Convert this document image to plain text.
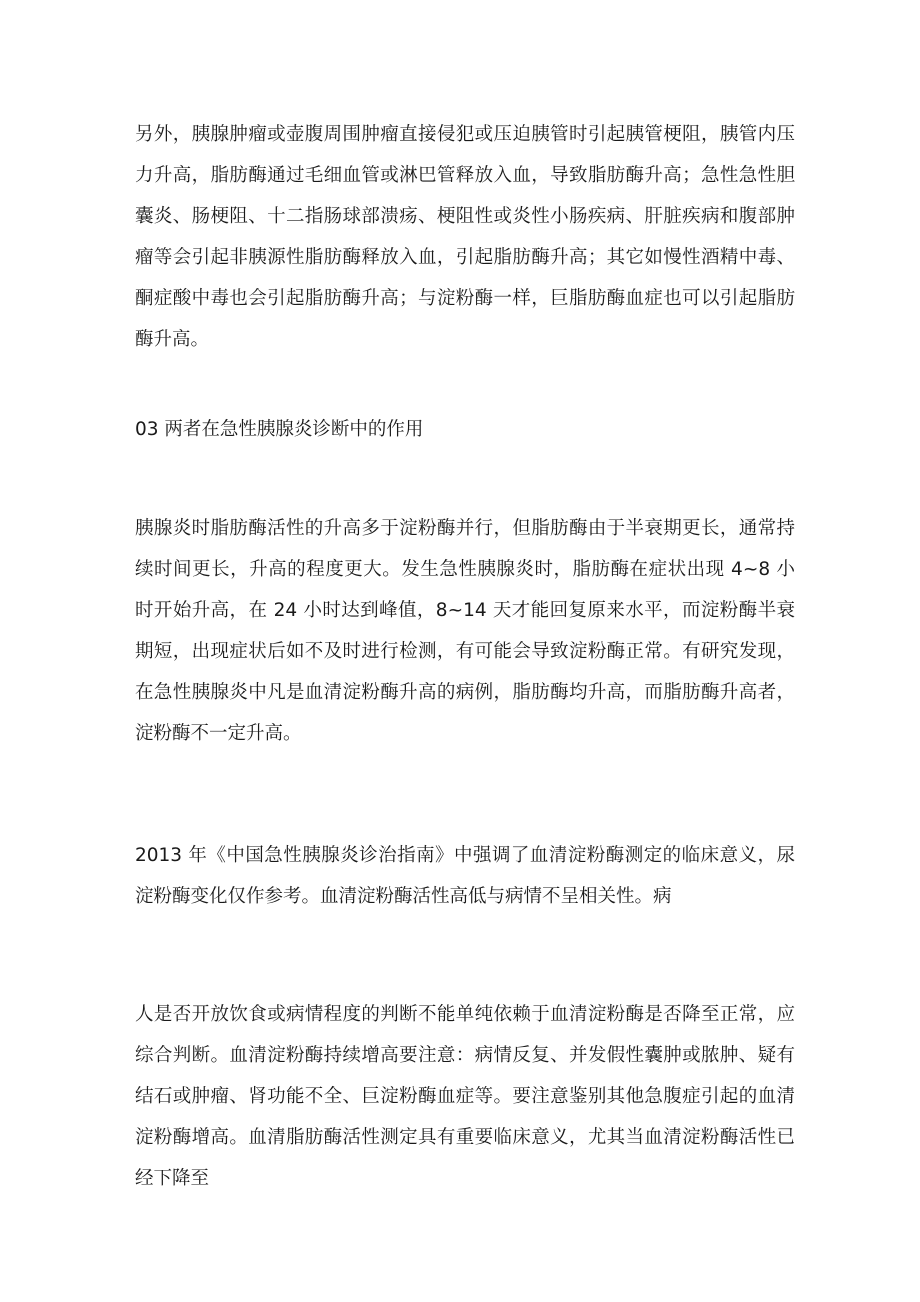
另外，胰腺肿瘤或壶腹周围肿瘤直接侵犯或压迫胰管时引起胰管梗阻，胰管内压力升高，脂肪酶通过毛细血管或淋巴管释放入血，导致脂肪酶升高；急性急性胆囊炎、肠梗阻、十二指肠球部溃疡、梗阻性或炎性小肠疾病、肝脏疾病和腹部肿瘤等会引起非胰源性脂肪酶释放入血，引起脂肪酶升高；其它如慢性酒精中毒、酮症酸中毒也会引起脂肪酶升高；与淀粉酶一样，巨脂肪酶血症也可以引起脂肪酶升高。

03 两者在急性胰腺炎诊断中的作用

胰腺炎时脂肪酶活性的升高多于淀粉酶并行，但脂肪酶由于半衰期更长，通常持续时间更长，升高的程度更大。发生急性胰腺炎时，脂肪酶在症状出现 4~8 小时开始升高，在 24 小时达到峰值，8~14 天才能回复原来水平，而淀粉酶半衰期短，出现症状后如不及时进行检测，有可能会导致淀粉酶正常。有研究发现，在急性胰腺炎中凡是血清淀粉酶升高的病例，脂肪酶均升高，而脂肪酶升高者，淀粉酶不一定升高。

2013 年《中国急性胰腺炎诊治指南》中强调了血清淀粉酶测定的临床意义，尿淀粉酶变化仅作参考。血清淀粉酶活性高低与病情不呈相关性。病

人是否开放饮食或病情程度的判断不能单纯依赖于血清淀粉酶是否降至正常，应综合判断。血清淀粉酶持续增高要注意：病情反复、并发假性囊肿或脓肿、疑有结石或肿瘤、肾功能不全、巨淀粉酶血症等。要注意鉴别其他急腹症引起的血清淀粉酶增高。血清脂肪酶活性测定具有重要临床意义，尤其当血清淀粉酶活性已经下降至
